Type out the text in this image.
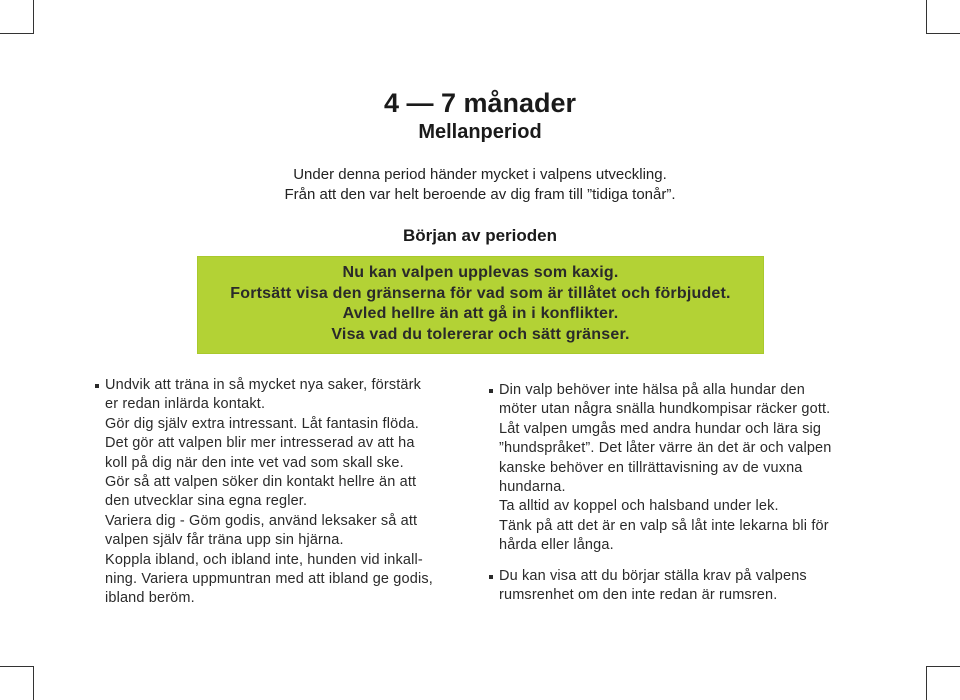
4 — 7 månader
Mellanperiod
Under denna period händer mycket i valpens utveckling.
Från att den var helt beroende av dig fram till ”tidiga tonår”.
Början av perioden
Nu kan valpen upplevas som kaxig.
Fortsätt visa den gränserna för vad som är tillåtet och förbjudet.
Avled hellre än att gå in i konflikter.
Visa vad du tolererar och sätt gränser.
Undvik att träna in så mycket nya saker, förstärk
er redan inlärda kontakt.
Gör dig själv extra intressant. Låt fantasin flöda.
Det gör att valpen blir mer intresserad av att ha
koll på dig när den inte vet vad som skall ske.
Gör så att valpen söker din kontakt hellre än att
den utvecklar sina egna regler.
Variera dig - Göm godis, använd leksaker så att
valpen själv får träna upp sin hjärna.
Koppla ibland, och ibland inte, hunden vid inkall-
ning. Variera uppmuntran med att ibland ge godis,
ibland beröm.
Din valp behöver inte hälsa på alla hundar den
möter utan några snälla hundkompisar räcker gott.
Låt valpen umgås med andra hundar och lära sig
”hundspråket”. Det låter värre än det är och valpen
kanske behöver en tillrättavisning av de vuxna
hundarna.
Ta alltid av koppel och halsband under lek.
Tänk på att det är en valp så låt inte lekarna bli för
hårda eller långa.
Du kan visa att du börjar ställa krav på valpens
rumsrenhet om den inte redan är rumsren.
